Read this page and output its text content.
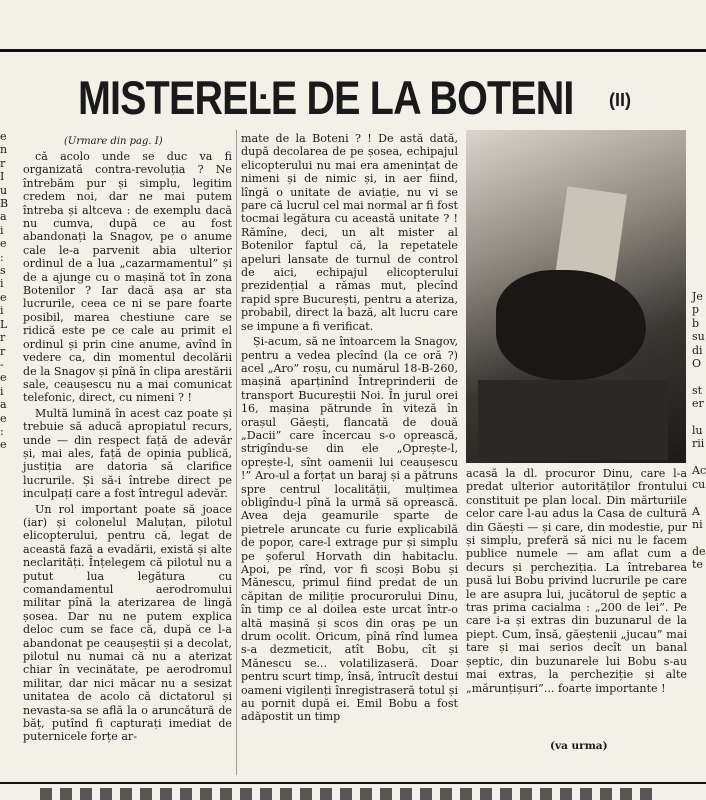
MISTEREĿE DE LA BOTENI (II)
(Urmare din pag. I)
e
n
r
I
u
B
a
i
e
:
s
i
e
i
L
r
r
-
e
i
a
e
:
e

că acolo unde se duc va fi organizată contra-revoluția ? Ne întrebăm pur și simplu, legitim credem noi, dar ne mai putem întreba și altceva : de exemplu dacă nu cumva, după ce au fost abandonați la Snagov, pe o anume cale le-a parvenit abia ulterior ordinul de a lua „cazarmamentul” și de a ajunge cu o mașină tot în zona Botenilor ? Iar dacă așa ar sta lucrurile, ceea ce ni se pare foarte posibil, marea chestiune care se ridică este pe ce cale au primit el ordinul și prin cine anume, avînd în vedere ca, din momentul decolării de la Snagov și pînă în clipa arestării sale, ceaușescu nu a mai comunicat telefonic, direct, cu nimeni ? !

Multă lumină în acest caz poate și trebuie să aducă apropiatul recurs, unde — din respect față de adevăr și, mai ales, față de opinia publică, justiția are datoria să clarifice lucrurile. Și să-i întrebe direct pe inculpați care a fost întregul adevăr.

Un rol important poate să joace (iar) și colonelul Maluțan, pilotul elicopterului, pentru că, legat de această fază a evadării, există și alte neclarități. Înțelegem că pilotul nu a putut lua legătura cu comandamentul aerodromului militar pînă la aterizarea de lingă șosea. Dar nu ne putem explica deloc cum se face că, după ce l-a abandonat pe ceaușeștii și a decolat, pilotul nu numai că nu a aterizat chiar în vecinătate, pe aerodromul militar, dar nici măcar nu a sesizat unitatea de acolo că dictatorul și nevasta-sa se află la o aruncătură de băț, putînd fi capturați imediat de puternicele forțe ar-

mate de la Boteni ? ! De astă dată, după decolarea de pe șosea, echipajul elicopterului nu mai era amenințat de nimeni și de nimic și, in aer fiind, lîngă o unitate de aviație, nu vi se pare că lucrul cel mai normal ar fi fost tocmai legătura cu această unitate ? ! Rămîne, deci, un alt mister al Botenilor faptul că, la repetatele apeluri lansate de turnul de control de aici, echipajul elicopterului prezidențial a rămas mut, plecînd rapid spre București, pentru a ateriza, probabil, direct la bază, alt lucru care se impune a fi verificat.

Și-acum, să ne întoarcem la Snagov, pentru a vedea plecînd (la ce oră ?) acel „Aro” roșu, cu numărul 18-B-260, mașină aparținînd Întreprinderii de transport Bucureștii Noi. În jurul orei 16, mașina pătrunde în viteză în orașul Găești, flancată de două „Dacii” care încercau s-o oprească, strigîndu-se din ele „Oprește-l, oprește-l, sînt oamenii lui ceaușescu !” Aro-ul a forțat un baraj și a pătruns spre centrul localității, mulțimea obligîndu-l pînă la urmă să oprească. Avea deja geamurile sparte de pietrele aruncate cu furie explicabilă de popor, care-l extrage pur și simplu pe șoferul Horvath din habitaclu. Apoi, pe rînd, vor fi scoși Bobu și Mănescu, primul fiind predat de un căpitan de miliție procurorului Dinu, în timp ce al doilea este urcat într-o altă mașină și scos din oraș pe un drum ocolit. Oricum, pînă rînd lumea s-a dezmeticit, atît Bobu, cît și Mănescu se... volatilizaseră. Doar pentru scurt timp, însă, întrucît destui oameni vigilenți înregistraseră totul și au pornit după ei. Emil Bobu a fost adăpostit un timp

acasă la dl. procuror Dinu, care l-a predat ulterior autorităților frontului constituit pe plan local. Din mărturiile celor care l-au adus la Casa de cultură din Găești — și care, din modestie, pur și simplu, preferă să nici nu le facem publice numele — am aflat cum a decurs și percheziția. La întrebarea pusă lui Bobu privind lucrurile pe care le are asupra lui, jucătorul de șeptic a tras prima cacialma : „200 de lei”. Pe care i-a și extras din buzunarul de la piept. Cum, însă, găeștenii „jucau” mai tare și mai serios decît un banal șeptic, din buzunarele lui Bobu s-au mai extras, la percheziție și alte „mărunțișuri”... foarte importante !

(va urma)
Je
p
b
su
di
O

st
er

lu
rii

Ac
cu

A
ni

de
te
